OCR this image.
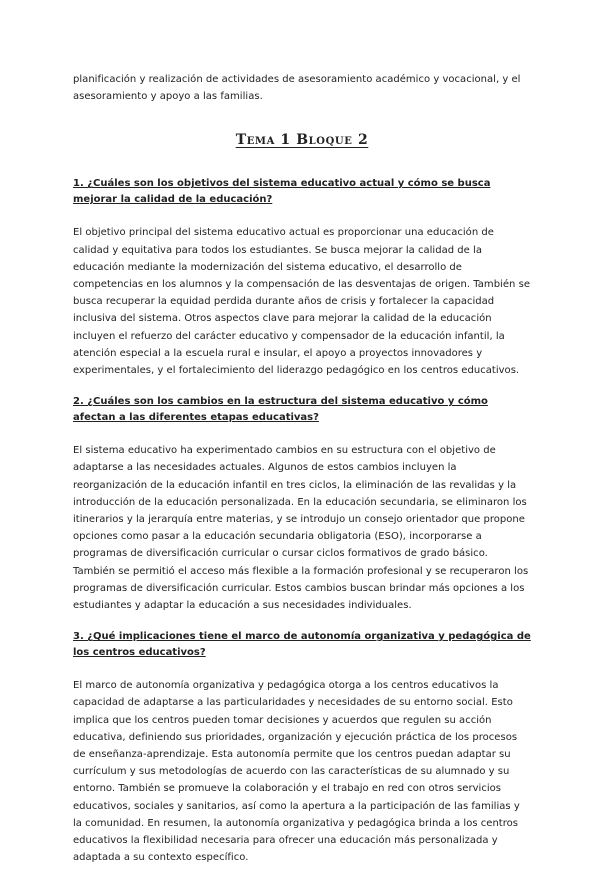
planificación y realización de actividades de asesoramiento académico y vocacional, y el asesoramiento y apoyo a las familias.

Tema 1 Bloque 2
1. ¿Cuáles son los objetivos del sistema educativo actual y cómo se busca mejorar la calidad de la educación?

El objetivo principal del sistema educativo actual es proporcionar una educación de calidad y equitativa para todos los estudiantes. Se busca mejorar la calidad de la educación mediante la modernización del sistema educativo, el desarrollo de competencias en los alumnos y la compensación de las desventajas de origen. También se busca recuperar la equidad perdida durante años de crisis y fortalecer la capacidad inclusiva del sistema. Otros aspectos clave para mejorar la calidad de la educación incluyen el refuerzo del carácter educativo y compensador de la educación infantil, la atención especial a la escuela rural e insular, el apoyo a proyectos innovadores y experimentales, y el fortalecimiento del liderazgo pedagógico en los centros educativos.

2. ¿Cuáles son los cambios en la estructura del sistema educativo y cómo afectan a las diferentes etapas educativas?

El sistema educativo ha experimentado cambios en su estructura con el objetivo de adaptarse a las necesidades actuales. Algunos de estos cambios incluyen la reorganización de la educación infantil en tres ciclos, la eliminación de las revalidas y la introducción de la educación personalizada. En la educación secundaria, se eliminaron los itinerarios y la jerarquía entre materias, y se introdujo un consejo orientador que propone opciones como pasar a la educación secundaria obligatoria (ESO), incorporarse a programas de diversificación curricular o cursar ciclos formativos de grado básico. También se permitió el acceso más flexible a la formación profesional y se recuperaron los programas de diversificación curricular. Estos cambios buscan brindar más opciones a los estudiantes y adaptar la educación a sus necesidades individuales.

3. ¿Qué implicaciones tiene el marco de autonomía organizativa y pedagógica de los centros educativos?

El marco de autonomía organizativa y pedagógica otorga a los centros educativos la capacidad de adaptarse a las particularidades y necesidades de su entorno social. Esto implica que los centros pueden tomar decisiones y acuerdos que regulen su acción educativa, definiendo sus prioridades, organización y ejecución práctica de los procesos de enseñanza-aprendizaje. Esta autonomía permite que los centros puedan adaptar su currículum y sus metodologías de acuerdo con las características de su alumnado y su entorno. También se promueve la colaboración y el trabajo en red con otros servicios educativos, sociales y sanitarios, así como la apertura a la participación de las familias y la comunidad. En resumen, la autonomía organizativa y pedagógica brinda a los centros educativos la flexibilidad necesaria para ofrecer una educación más personalizada y adaptada a su contexto específico.
